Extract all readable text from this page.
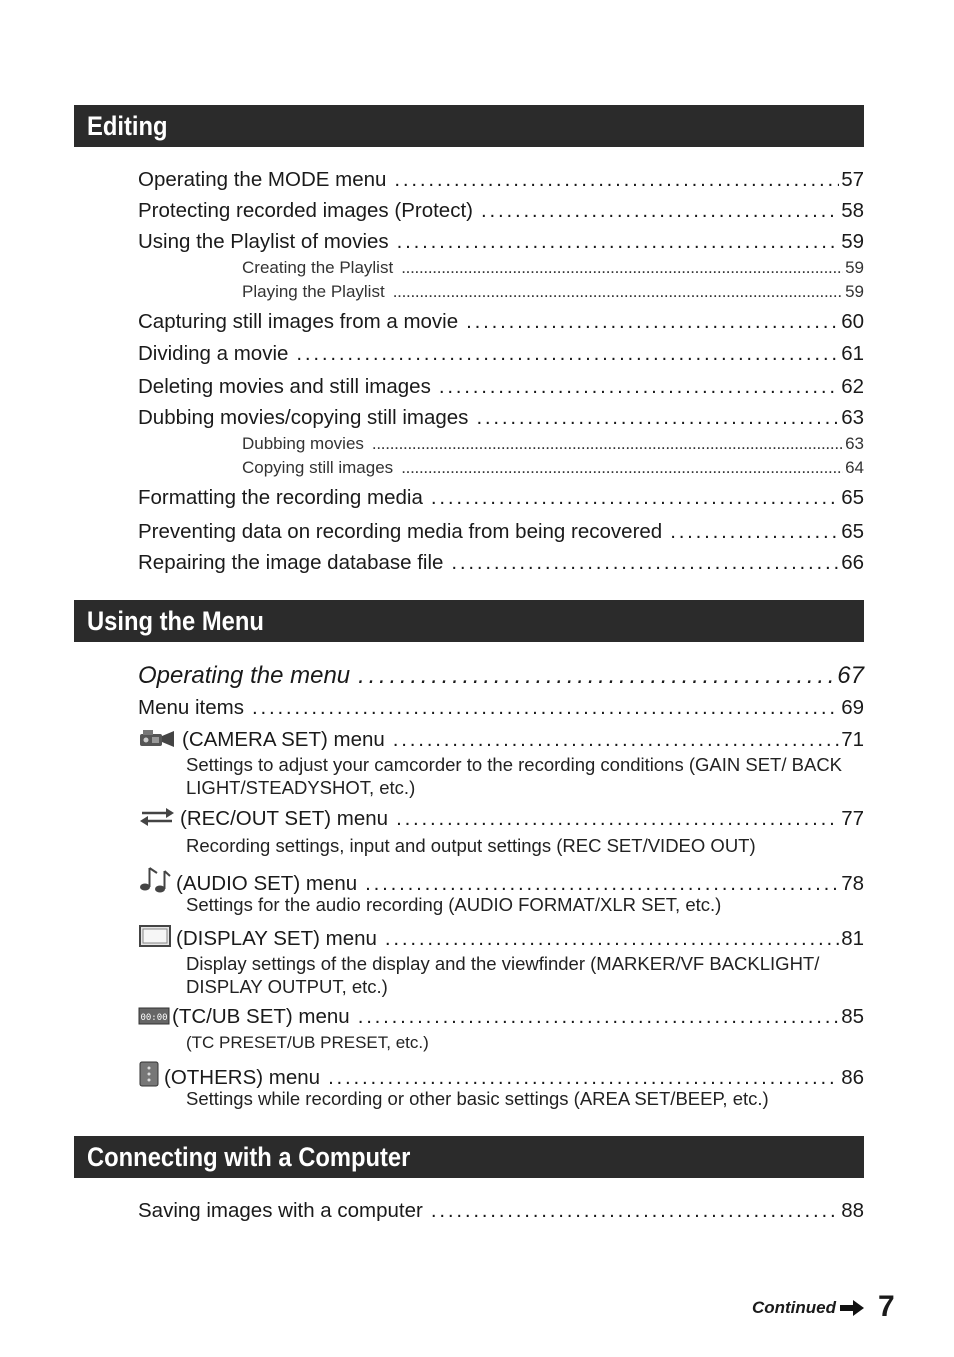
Editing
Operating the MODE menu . . .	57
Protecting recorded images (Protect) . . .	58
Using the Playlist of movies . . .	59
Creating the Playlist . . .	59
Playing the Playlist . . .	59
Capturing still images from a movie . . .	60
Dividing a movie . . .	61
Deleting movies and still images . . .	62
Dubbing movies/copying still images . . .	63
Dubbing movies . . .	63
Copying still images . . .	64
Formatting the recording media . . .	65
Preventing data on recording media from being recovered . . .	65
Repairing the image database file . . .	66
Using the Menu
Operating the menu . . .	67
Menu items . . .	69
(CAMERA SET) menu . . .	71
Settings to adjust your camcorder to the recording conditions (GAIN SET/ BACK LIGHT/STEADYSHOT, etc.)
(REC/OUT SET) menu . . .	77
Recording settings, input and output settings (REC SET/VIDEO OUT)
(AUDIO SET) menu . . .	78
Settings for the audio recording (AUDIO FORMAT/XLR SET, etc.)
(DISPLAY SET) menu . . .	81
Display settings of the display and the viewfinder (MARKER/VF BACKLIGHT/ DISPLAY OUTPUT, etc.)
00:00 (TC/UB SET) menu . . .	85
(TC PRESET/UB PRESET, etc.)
(OTHERS) menu . . .	86
Settings while recording or other basic settings (AREA SET/BEEP, etc.)
Connecting with a Computer
Saving images with a computer . . .	88
Continued 7
